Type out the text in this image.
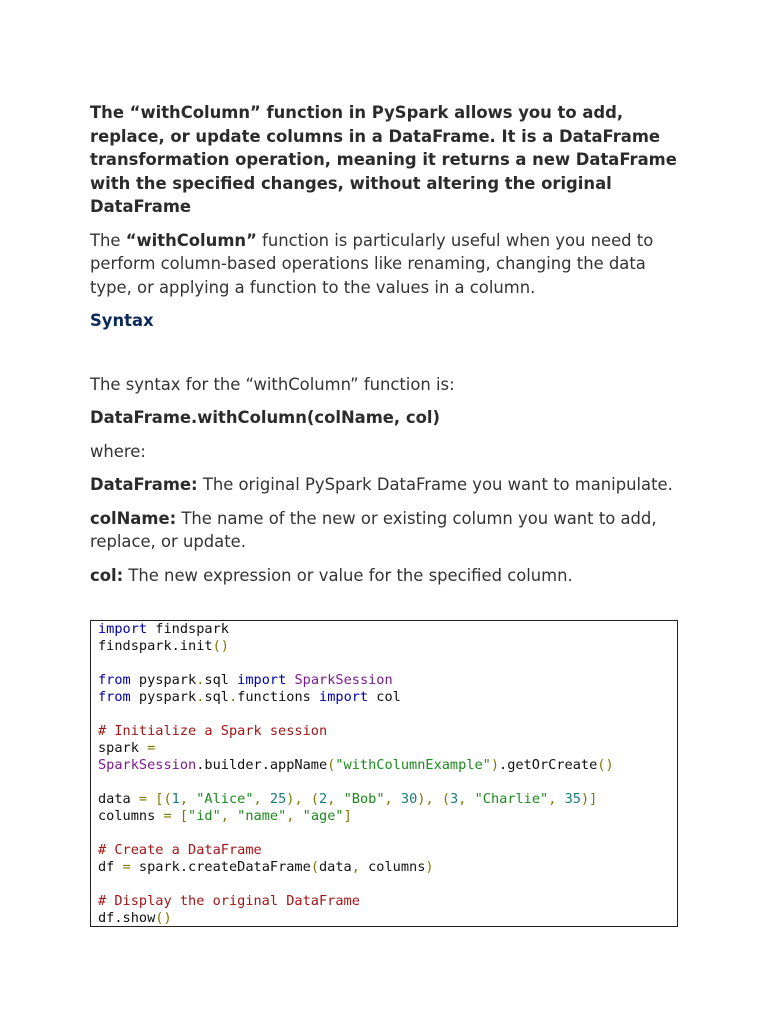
The “withColumn” function in PySpark allows you to add, replace, or update columns in a DataFrame. It is a DataFrame transformation operation, meaning it returns a new DataFrame with the specified changes, without altering the original DataFrame

The “withColumn” function is particularly useful when you need to perform column-based operations like renaming, changing the data type, or applying a function to the values in a column.

Syntax

The syntax for the “withColumn” function is:

DataFrame.withColumn(colName, col)

where:

DataFrame: The original PySpark DataFrame you want to manipulate.

colName: The name of the new or existing column you want to add, replace, or update.

col: The new expression or value for the specified column.

import findspark
findspark.init()
from pyspark.sql import SparkSession
from pyspark.sql.functions import col
# Initialize a Spark session
spark =
SparkSession.builder.appName("withColumnExample").getOrCreate()
data = [(1, "Alice", 25), (2, "Bob", 30), (3, "Charlie", 35)]
columns = ["id", "name", "age"]
# Create a DataFrame
df = spark.createDataFrame(data, columns)
# Display the original DataFrame
df.show()
